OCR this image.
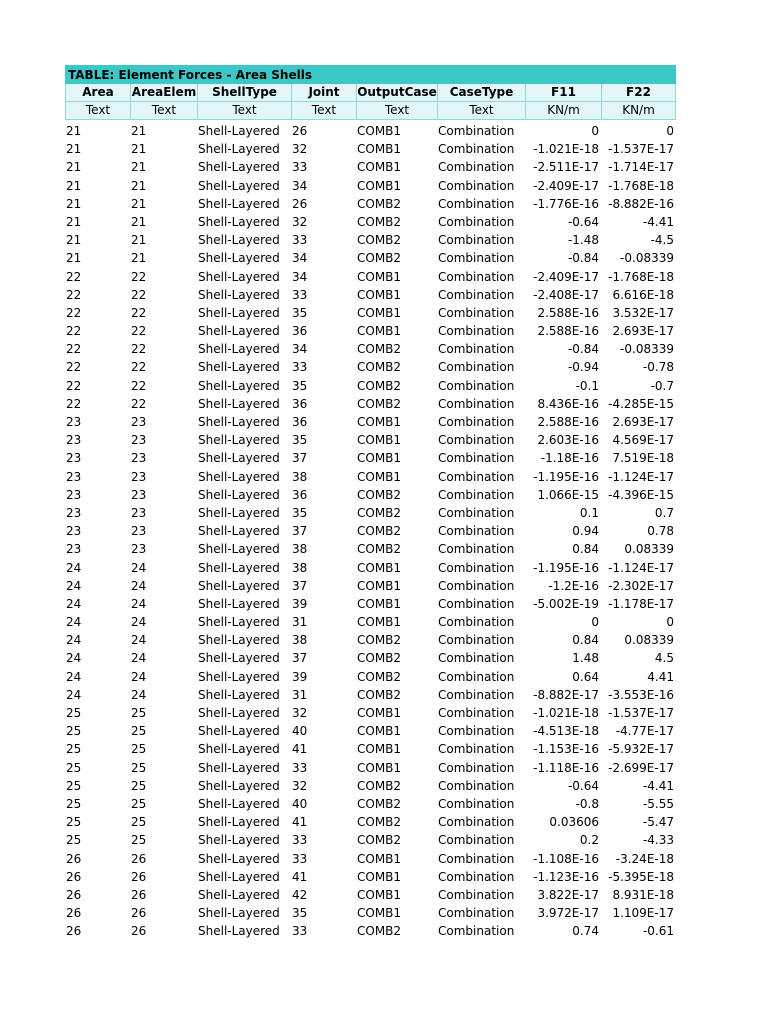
TABLE: Element Forces - Area Shells
Area	AreaElem	ShellType	Joint	OutputCase	CaseType	F11	F22
Text	Text	Text	Text	Text	Text	KN/m	KN/m
21	21	Shell-Layered	26	COMB1	Combination	0	0
21	21	Shell-Layered	32	COMB1	Combination	-1.021E-18 -1.537E-17
21	21	Shell-Layered	33	COMB1	Combination	-2.511E-17 -1.714E-17
21	21	Shell-Layered	34	COMB1	Combination	-2.409E-17 -1.768E-18
21	21	Shell-Layered	26	COMB2	Combination	-1.776E-16 -8.882E-16
21	21	Shell-Layered	32	COMB2	Combination	-0.64	-4.41
21	21	Shell-Layered	33	COMB2	Combination	-1.48	-4.5
21	21	Shell-Layered	34	COMB2	Combination	-0.84	-0.08339
22	22	Shell-Layered	34	COMB1	Combination	-2.409E-17 -1.768E-18
22	22	Shell-Layered	33	COMB1	Combination	-2.408E-17	6.616E-18
22	22	Shell-Layered	35	COMB1	Combination	2.588E-16	3.532E-17
22	22	Shell-Layered	36	COMB1	Combination	2.588E-16	2.693E-17
22	22	Shell-Layered	34	COMB2	Combination	-0.84	-0.08339
22	22	Shell-Layered	33	COMB2	Combination	-0.94	-0.78
22	22	Shell-Layered	35	COMB2	Combination	-0.1	-0.7
22	22	Shell-Layered	36	COMB2	Combination	8.436E-16 -4.285E-15
23	23	Shell-Layered	36	COMB1	Combination	2.588E-16	2.693E-17
23	23	Shell-Layered	35	COMB1	Combination	2.603E-16	4.569E-17
23	23	Shell-Layered	37	COMB1	Combination	-1.18E-16	7.519E-18
23	23	Shell-Layered	38	COMB1	Combination	-1.195E-16 -1.124E-17
23	23	Shell-Layered	36	COMB2	Combination	1.066E-15 -4.396E-15
23	23	Shell-Layered	35	COMB2	Combination	0.1	0.7
23	23	Shell-Layered	37	COMB2	Combination	0.94	0.78
23	23	Shell-Layered	38	COMB2	Combination	0.84	0.08339
24	24	Shell-Layered	38	COMB1	Combination	-1.195E-16 -1.124E-17
24	24	Shell-Layered	37	COMB1	Combination	-1.2E-16 -2.302E-17
24	24	Shell-Layered	39	COMB1	Combination	-5.002E-19 -1.178E-17
24	24	Shell-Layered	31	COMB1	Combination	0	0
24	24	Shell-Layered	38	COMB2	Combination	0.84	0.08339
24	24	Shell-Layered	37	COMB2	Combination	1.48	4.5
24	24	Shell-Layered	39	COMB2	Combination	0.64	4.41
24	24	Shell-Layered	31	COMB2	Combination	-8.882E-17 -3.553E-16
25	25	Shell-Layered	32	COMB1	Combination	-1.021E-18 -1.537E-17
25	25	Shell-Layered	40	COMB1	Combination	-4.513E-18	-4.77E-17
25	25	Shell-Layered	41	COMB1	Combination	-1.153E-16 -5.932E-17
25	25	Shell-Layered	33	COMB1	Combination	-1.118E-16 -2.699E-17
25	25	Shell-Layered	32	COMB2	Combination	-0.64	-4.41
25	25	Shell-Layered	40	COMB2	Combination	-0.8	-5.55
25	25	Shell-Layered	41	COMB2	Combination	0.03606	-5.47
25	25	Shell-Layered	33	COMB2	Combination	0.2	-4.33
26	26	Shell-Layered	33	COMB1	Combination	-1.108E-16	-3.24E-18
26	26	Shell-Layered	41	COMB1	Combination	-1.123E-16 -5.395E-18
26	26	Shell-Layered	42	COMB1	Combination	3.822E-17	8.931E-18
26	26	Shell-Layered	35	COMB1	Combination	3.972E-17	1.109E-17
26	26	Shell-Layered	33	COMB2	Combination	0.74	-0.61
